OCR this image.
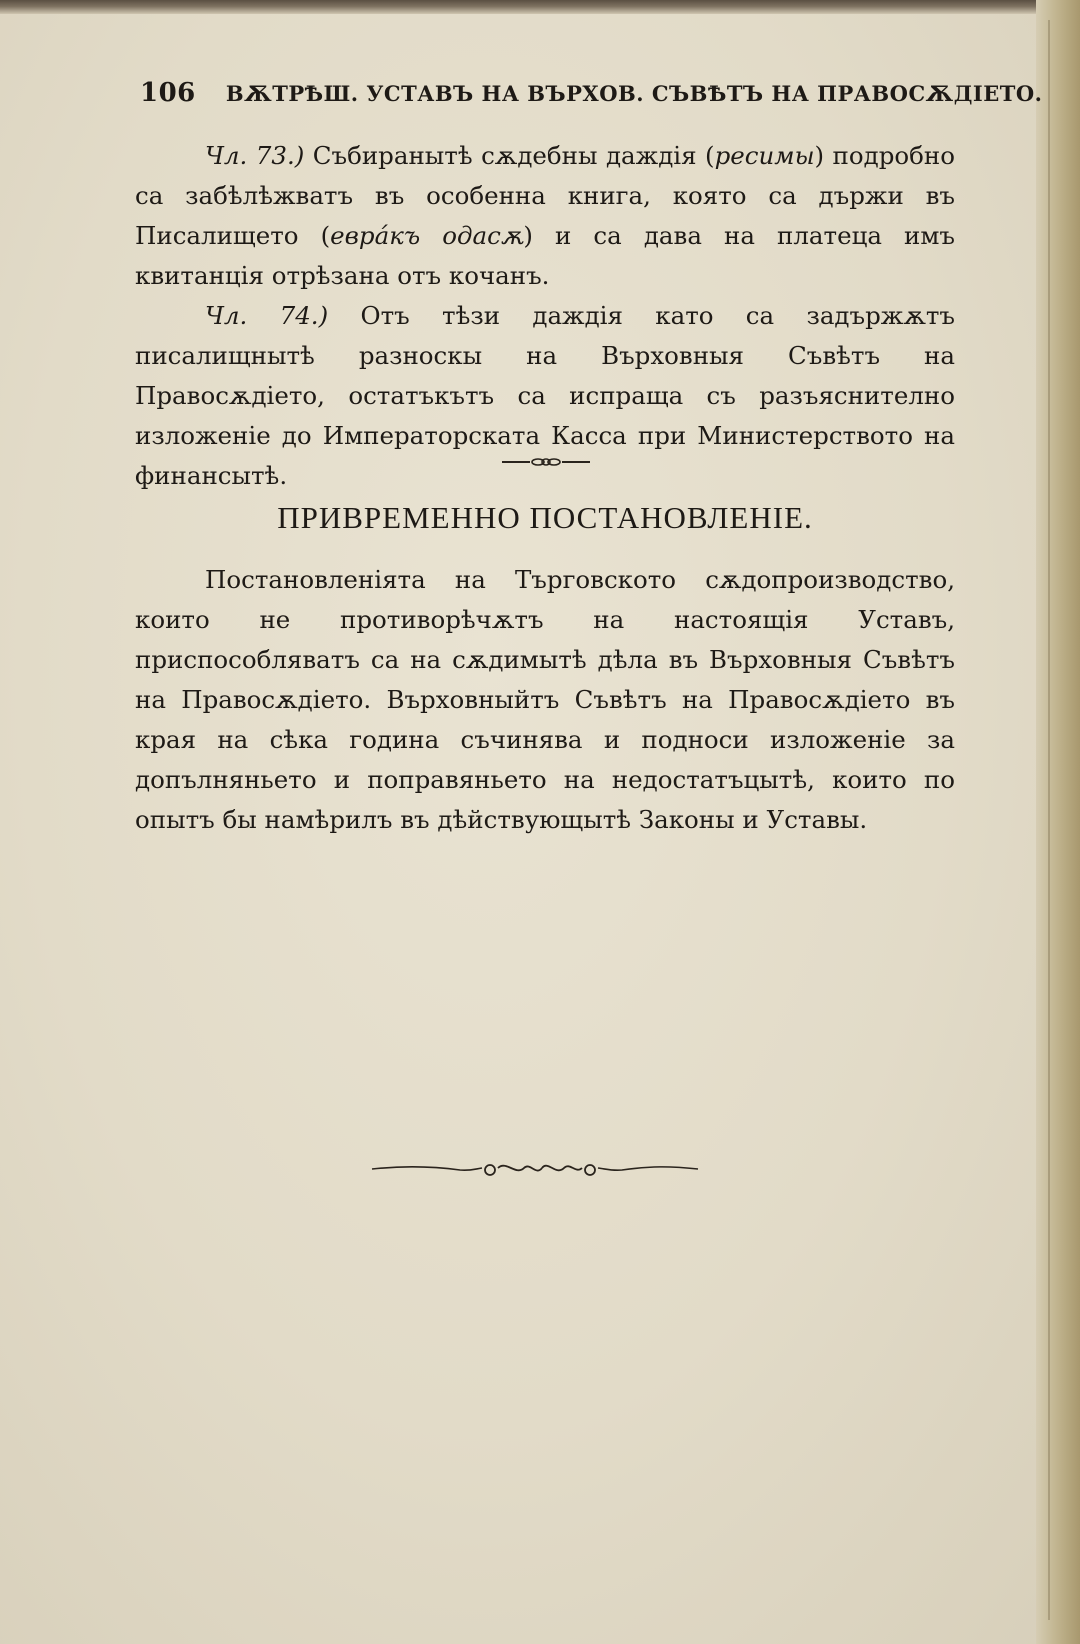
106 ВѪТРѢШ. УСТАВЪ НА ВЪРХОВ. СЪВѢТЪ НА ПРАВОСѪДІЕТО.

Чл. 73.) Събиранытѣ сѫдебны даждія (ресимы) подробно са забѣлѣжватъ въ особенна книга, която са държи въ Писалището (евра́къ одасѫ) и са дава на платеца имъ квитанція отрѣзана отъ кочанъ.

Чл. 74.) Отъ тѣзи даждія като са задържѫтъ писалищнытѣ разноскы на Върховныя Съвѣтъ на Правосѫдіето, остатъкътъ са испраща съ разъяснително изложеніе до Императорската Касса при Министерството на финансытѣ.

ПРИВРЕМЕННО ПОСТАНОВЛЕНІЕ.

Постановленіята на Търговското сѫдопроизводство, които не противорѣчѫтъ на настоящія Уставъ, приспособляватъ са на сѫдимытѣ дѣла въ Върховныя Съвѣтъ на Правосѫдіето. Върховныйтъ Съвѣтъ на Правосѫдіето въ края на сѣка година съчинява и подноси изложеніе за допълняньето и поправяньето на недостатъцытѣ, които по опытъ бы намѣрилъ въ дѣйствующытѣ Законы и Уставы.
